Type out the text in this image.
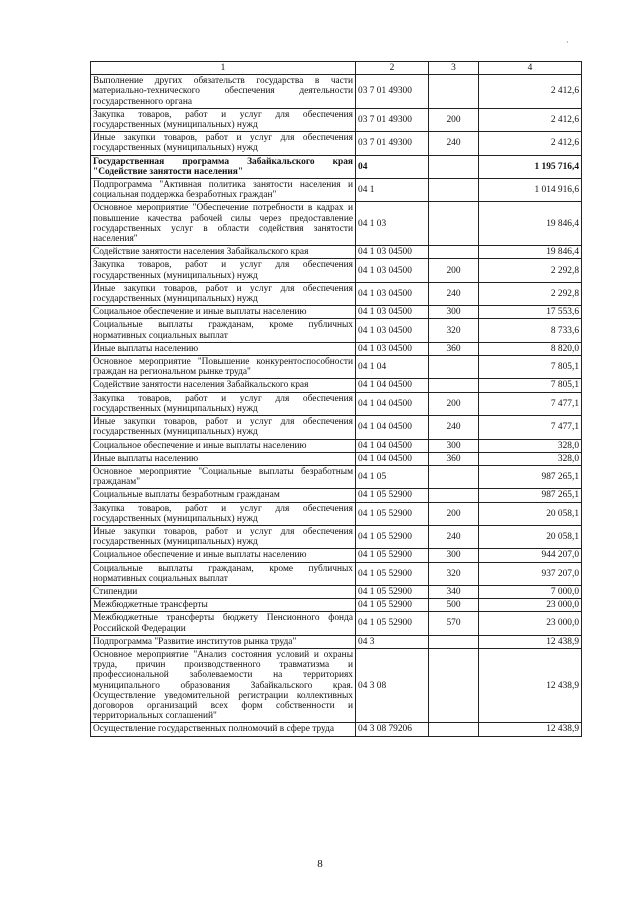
·
1	2	3	4
Выполнение других обязательств государства в части материально-технического обеспечения деятельности государственного органа	03 7 01 49300		2 412,6
Закупка товаров, работ и услуг для обеспечения государственных (муниципальных) нужд	03 7 01 49300	200	2 412,6
Иные закупки товаров, работ и услуг для обеспечения государственных (муниципальных) нужд	03 7 01 49300	240	2 412,6
Государственная программа Забайкальского края "Содействие занятости населения"	04		1 195 716,4
Подпрограмма "Активная политика занятости населения и социальная поддержка безработных граждан"	04 1		1 014 916,6
Основное мероприятие "Обеспечение потребности в кадрах и повышение качества рабочей силы через предоставление государственных услуг в области содействия занятости населения"	04 1 03		19 846,4
Содействие занятости населения Забайкальского края	04 1 03 04500		19 846,4
Закупка товаров, работ и услуг для обеспечения государственных (муниципальных) нужд	04 1 03 04500	200	2 292,8
Иные закупки товаров, работ и услуг для обеспечения государственных (муниципальных) нужд	04 1 03 04500	240	2 292,8
Социальное обеспечение и иные выплаты населению	04 1 03 04500	300	17 553,6
Социальные выплаты гражданам, кроме публичных нормативных социальных выплат	04 1 03 04500	320	8 733,6
Иные выплаты населению	04 1 03 04500	360	8 820,0
Основное мероприятие "Повышение конкурентоспособности граждан на региональном рынке труда"	04 1 04		7 805,1
Содействие занятости населения Забайкальского края	04 1 04 04500		7 805,1
Закупка товаров, работ и услуг для обеспечения государственных (муниципальных) нужд	04 1 04 04500	200	7 477,1
Иные закупки товаров, работ и услуг для обеспечения государственных (муниципальных) нужд	04 1 04 04500	240	7 477,1
Социальное обеспечение и иные выплаты населению	04 1 04 04500	300	328,0
Иные выплаты населению	04 1 04 04500	360	328,0
Основное мероприятие "Социальные выплаты безработным гражданам"	04 1 05		987 265,1
Социальные выплаты безработным гражданам	04 1 05 52900		987 265,1
Закупка товаров, работ и услуг для обеспечения государственных (муниципальных) нужд	04 1 05 52900	200	20 058,1
Иные закупки товаров, работ и услуг для обеспечения государственных (муниципальных) нужд	04 1 05 52900	240	20 058,1
Социальное обеспечение и иные выплаты населению	04 1 05 52900	300	944 207,0
Социальные выплаты гражданам, кроме публичных нормативных социальных выплат	04 1 05 52900	320	937 207,0
Стипендии	04 1 05 52900	340	7 000,0
Межбюджетные трансферты	04 1 05 52900	500	23 000,0
Межбюджетные трансферты бюджету Пенсионного фонда Российской Федерации	04 1 05 52900	570	23 000,0
Подпрограмма "Развитие институтов рынка труда"	04 3		12 438,9
Основное мероприятие "Анализ состояния условий и охраны труда, причин производственного травматизма и профессиональной заболеваемости на территориях муниципального образования Забайкальского края. Осуществление уведомительной регистрации коллективных договоров организаций всех форм собственности и территориальных соглашений"	04 3 08		12 438,9
Осуществление государственных полномочий в сфере труда	04 3 08 79206		12 438,9
8
